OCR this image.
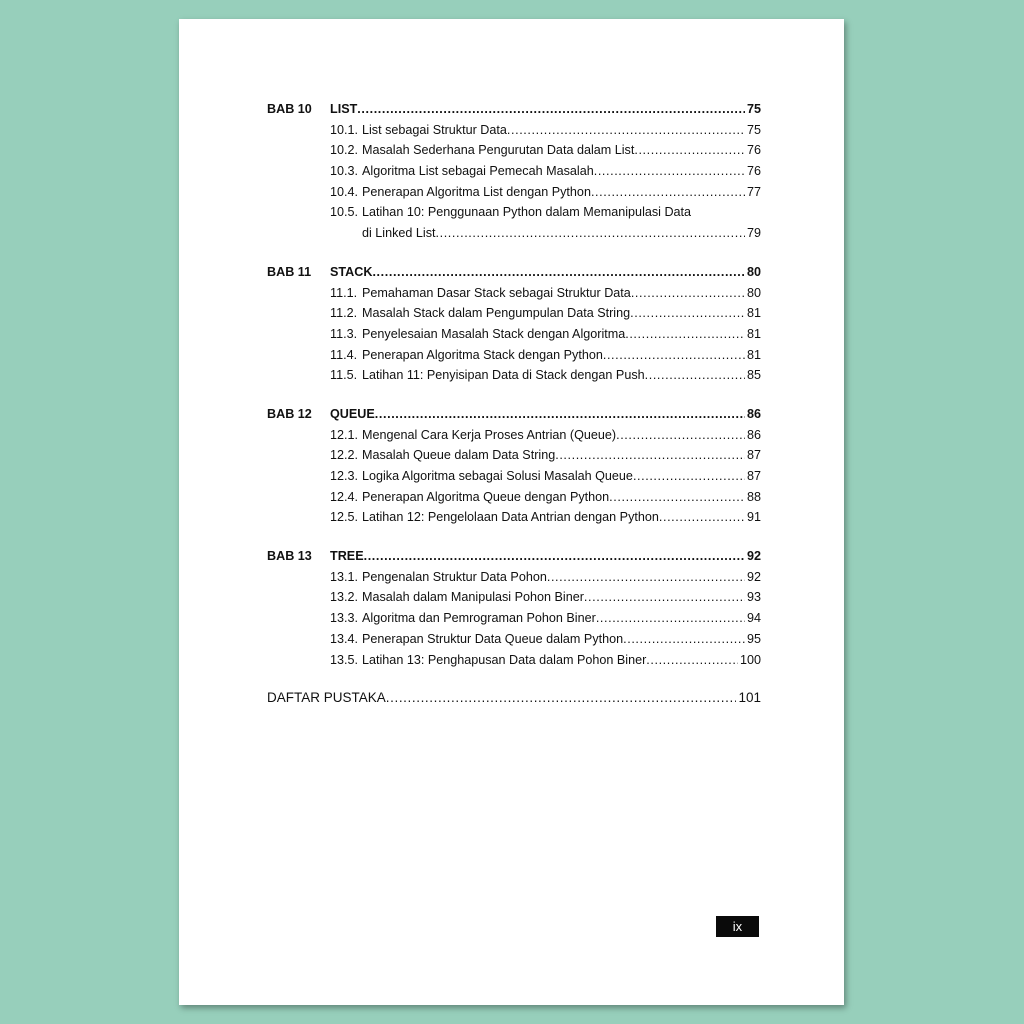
BAB 10	LIST .....	75
10.1. List sebagai Struktur Data .....	75
10.2. Masalah Sederhana Pengurutan Data dalam List .....	76
10.3. Algoritma List sebagai Pemecah Masalah .....	76
10.4. Penerapan Algoritma List dengan Python .....	77
10.5. Latihan 10: Penggunaan Python dalam Memanipulasi Data
di Linked List .....	79
BAB 11	STACK .....	80
11.1. Pemahaman Dasar Stack sebagai Struktur Data .....	80
11.2. Masalah Stack dalam Pengumpulan Data String .....	81
11.3. Penyelesaian Masalah Stack dengan Algoritma .....	81
11.4. Penerapan Algoritma Stack dengan Python .....	81
11.5. Latihan 11: Penyisipan Data di Stack dengan Push .....	85
BAB 12	QUEUE .....	86
12.1. Mengenal Cara Kerja Proses Antrian (Queue) .....	86
12.2. Masalah Queue dalam Data String .....	87
12.3. Logika Algoritma sebagai Solusi Masalah Queue .....	87
12.4. Penerapan Algoritma Queue dengan Python .....	88
12.5. Latihan 12: Pengelolaan Data Antrian dengan Python .....	91
BAB 13	TREE .....	92
13.1. Pengenalan Struktur Data Pohon .....	92
13.2. Masalah dalam Manipulasi Pohon Biner .....	93
13.3. Algoritma dan Pemrograman Pohon Biner .....	94
13.4. Penerapan Struktur Data Queue dalam Python .....	95
13.5. Latihan 13: Penghapusan Data dalam Pohon Biner .....	100
DAFTAR PUSTAKA .....	101
ix
